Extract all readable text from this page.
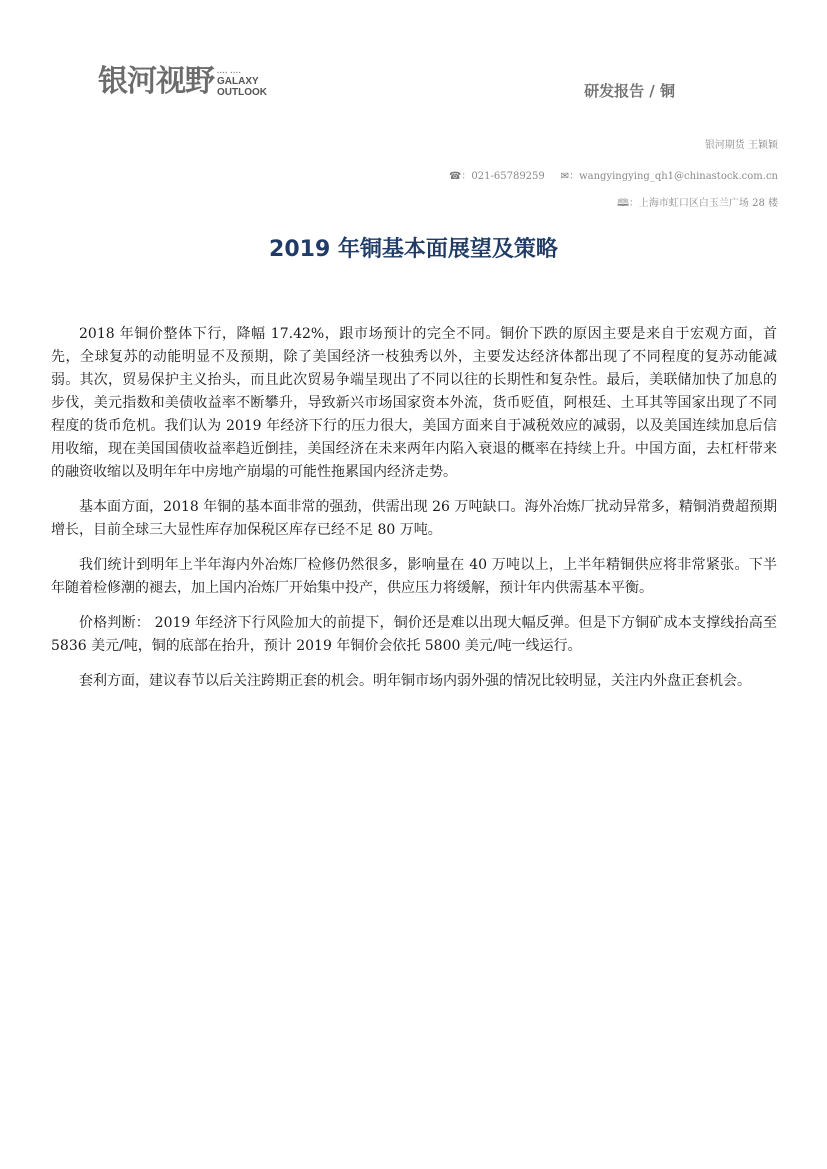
银河视野 ▪▪▪▪ ▪▪▪▪
GALAXY
OUTLOOK	研发报告 / 铜
银河期货 王颖颖
☎：021-65789259 ✉：wangyingying_qh1@chinastock.com.cn
🕮：上海市虹口区白玉兰广场 28 楼
2019 年铜基本面展望及策略

2018 年铜价整体下行，降幅 17.42%，跟市场预计的完全不同。铜价下跌的原因主要是来自于宏观方面，首先，全球复苏的动能明显不及预期，除了美国经济一枝独秀以外，主要发达经济体都出现了不同程度的复苏动能减弱。其次，贸易保护主义抬头，而且此次贸易争端呈现出了不同以往的长期性和复杂性。最后，美联储加快了加息的步伐，美元指数和美债收益率不断攀升，导致新兴市场国家资本外流，货币贬值，阿根廷、土耳其等国家出现了不同程度的货币危机。我们认为 2019 年经济下行的压力很大，美国方面来自于减税效应的减弱，以及美国连续加息后信用收缩，现在美国国债收益率趋近倒挂，美国经济在未来两年内陷入衰退的概率在持续上升。中国方面，去杠杆带来的融资收缩以及明年年中房地产崩塌的可能性拖累国内经济走势。

基本面方面，2018 年铜的基本面非常的强劲，供需出现 26 万吨缺口。海外冶炼厂扰动异常多，精铜消费超预期增长，目前全球三大显性库存加保税区库存已经不足 80 万吨。

我们统计到明年上半年海内外冶炼厂检修仍然很多，影响量在 40 万吨以上，上半年精铜供应将非常紧张。下半年随着检修潮的褪去，加上国内冶炼厂开始集中投产，供应压力将缓解，预计年内供需基本平衡。

价格判断： 2019 年经济下行风险加大的前提下，铜价还是难以出现大幅反弹。但是下方铜矿成本支撑线抬高至 5836 美元/吨，铜的底部在抬升，预计 2019 年铜价会依托 5800 美元/吨一线运行。

套利方面，建议春节以后关注跨期正套的机会。明年铜市场内弱外强的情况比较明显，关注内外盘正套机会。
